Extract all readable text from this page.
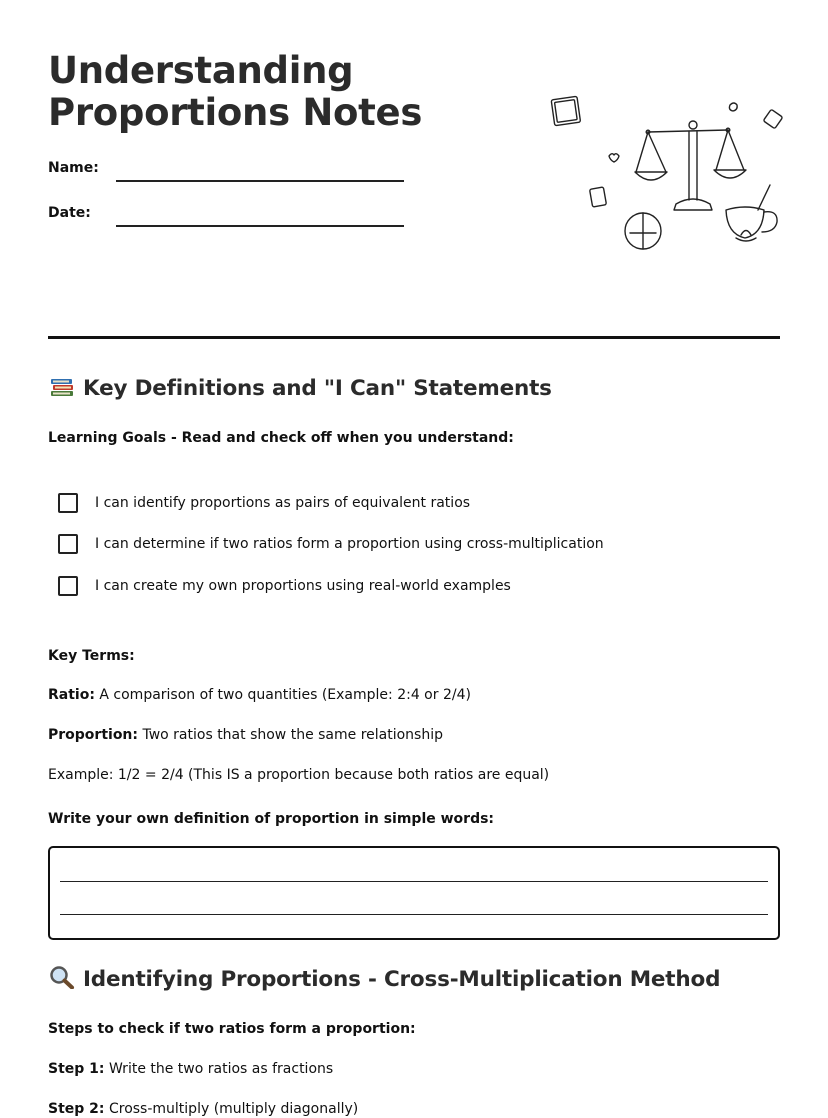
Understanding
Proportions Notes
Name:
Date:
Key Definitions and "I Can" Statements
Learning Goals - Read and check off when you understand:
I can identify proportions as pairs of equivalent ratios
I can determine if two ratios form a proportion using cross-multiplication
I can create my own proportions using real-world examples
Key Terms:
Ratio: A comparison of two quantities (Example: 2:4 or 2/4)
Proportion: Two ratios that show the same relationship
Example: 1/2 = 2/4 (This IS a proportion because both ratios are equal)
Write your own definition of proportion in simple words:
Identifying Proportions - Cross-Multiplication Method
Steps to check if two ratios form a proportion:
Step 1: Write the two ratios as fractions
Step 2: Cross-multiply (multiply diagonally)
